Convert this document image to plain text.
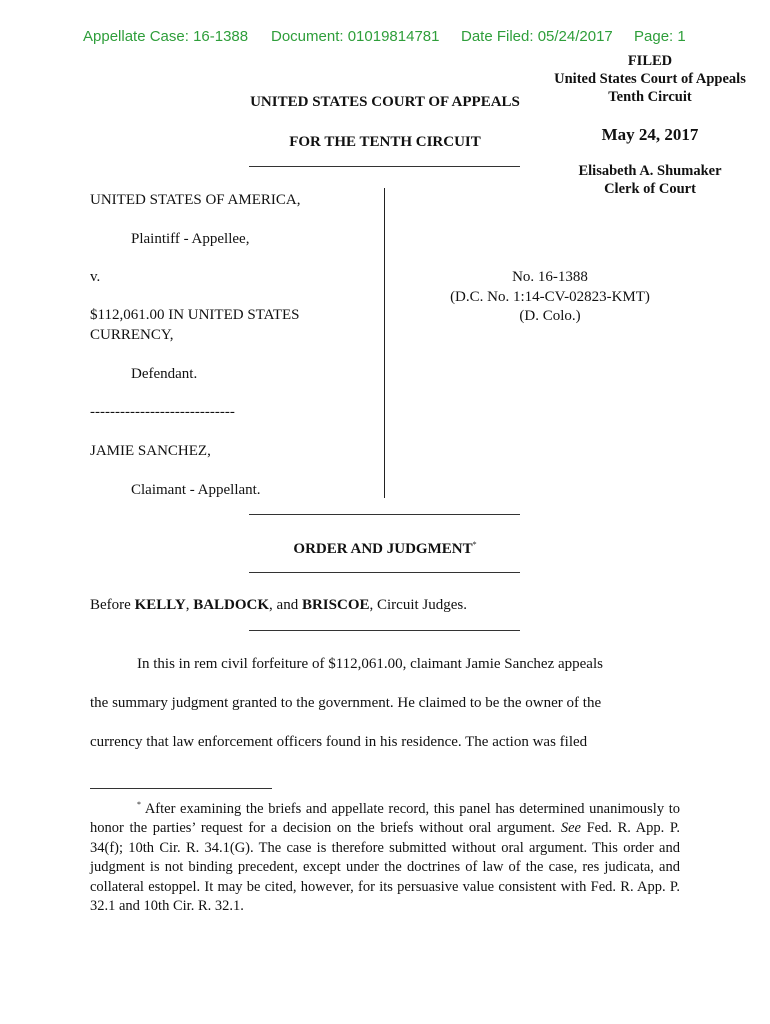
Appellate Case: 16-1388 Document: 01019814781 Date Filed: 05/24/2017 Page: 1
FILED
United States Court of Appeals
Tenth Circuit
May 24, 2017
Elisabeth A. Shumaker
Clerk of Court
UNITED STATES COURT OF APPEALS
FOR THE TENTH CIRCUIT
UNITED STATES OF AMERICA,
Plaintiff - Appellee,
v.
$112,061.00 IN UNITED STATES
CURRENCY,
Defendant.
-----------------------------
JAMIE SANCHEZ,
Claimant - Appellant.
No. 16-1388
(D.C. No. 1:14-CV-02823-KMT)
(D. Colo.)
ORDER AND JUDGMENT*
Before KELLY, BALDOCK, and BRISCOE, Circuit Judges.
In this in rem civil forfeiture of $112,061.00, claimant Jamie Sanchez appeals
the summary judgment granted to the government. He claimed to be the owner of the
currency that law enforcement officers found in his residence. The action was filed
* After examining the briefs and appellate record, this panel has determined unanimously to honor the parties’ request for a decision on the briefs without oral argument. See Fed. R. App. P. 34(f); 10th Cir. R. 34.1(G). The case is therefore submitted without oral argument. This order and judgment is not binding precedent, except under the doctrines of law of the case, res judicata, and collateral estoppel. It may be cited, however, for its persuasive value consistent with Fed. R. App. P. 32.1 and 10th Cir. R. 32.1.
